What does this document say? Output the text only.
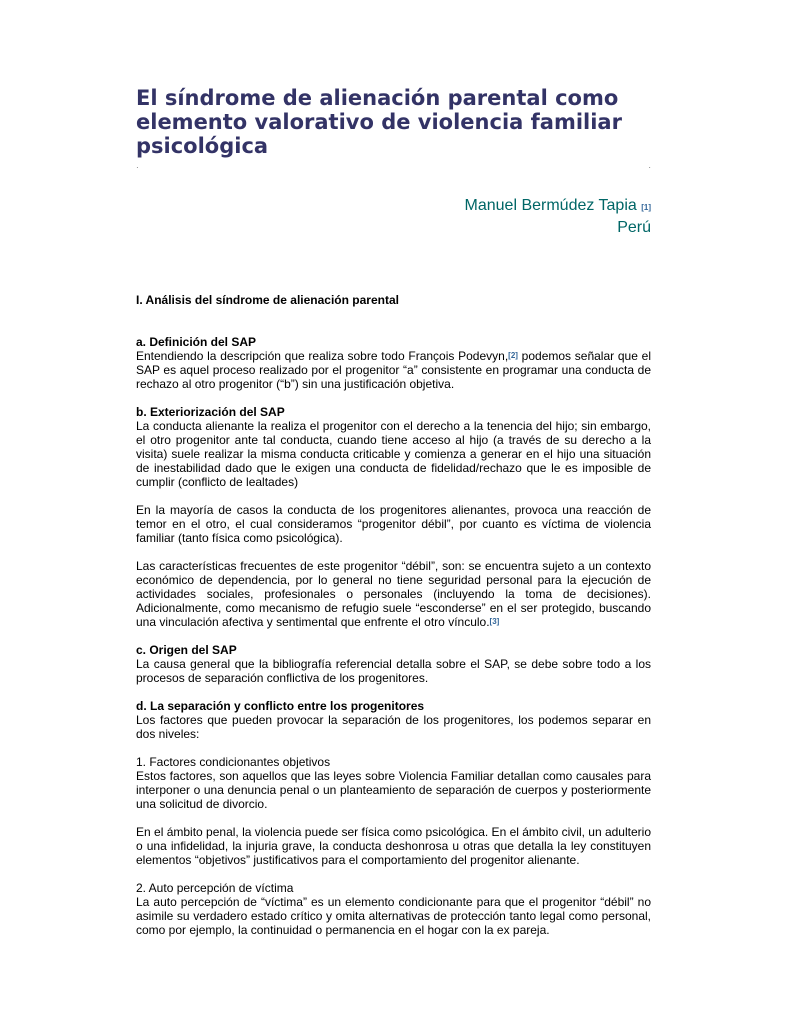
El síndrome de alienación parental como elemento valorativo de violencia familiar psicológica
·	·
Manuel Bermúdez Tapia [1]
Perú
I. Análisis del síndrome de alienación parental
a. Definición del SAP

Entendiendo la descripción que realiza sobre todo François Podevyn,[2] podemos señalar que el SAP es aquel proceso realizado por el progenitor “a” consistente en programar una conducta de rechazo al otro progenitor (“b”) sin una justificación objetiva.

b. Exteriorización del SAP

La conducta alienante la realiza el progenitor con el derecho a la tenencia del hijo; sin embargo, el otro progenitor ante tal conducta, cuando tiene acceso al hijo (a través de su derecho a la visita) suele realizar la misma conducta criticable y comienza a generar en el hijo una situación de inestabilidad dado que le exigen una conducta de fidelidad/rechazo que le es imposible de cumplir (conflicto de lealtades)

En la mayoría de casos la conducta de los progenitores alienantes, provoca una reacción de temor en el otro, el cual consideramos “progenitor débil”, por cuanto es víctima de violencia familiar (tanto física como psicológica).

Las características frecuentes de este progenitor “débil”, son: se encuentra sujeto a un contexto económico de dependencia, por lo general no tiene seguridad personal para la ejecución de actividades sociales, profesionales o personales (incluyendo la toma de decisiones). Adicionalmente, como mecanismo de refugio suele “esconderse” en el ser protegido, buscando una vinculación afectiva y sentimental que enfrente el otro vínculo.[3]

c. Origen del SAP

La causa general que la bibliografía referencial detalla sobre el SAP, se debe sobre todo a los procesos de separación conflictiva de los progenitores.

d. La separación y conflicto entre los progenitores

Los factores que pueden provocar la separación de los progenitores, los podemos separar en dos niveles:

1. Factores condicionantes objetivos

Estos factores, son aquellos que las leyes sobre Violencia Familiar detallan como causales para interponer o una denuncia penal o un planteamiento de separación de cuerpos y posteriormente una solicitud de divorcio.

En el ámbito penal, la violencia puede ser física como psicológica. En el ámbito civil, un adulterio o una infidelidad, la injuria grave, la conducta deshonrosa u otras que detalla la ley constituyen elementos “objetivos” justificativos para el comportamiento del progenitor alienante.

2. Auto percepción de víctima

La auto percepción de “víctima” es un elemento condicionante para que el progenitor “débil” no asimile su verdadero estado crítico y omita alternativas de protección tanto legal como personal, como por ejemplo, la continuidad o permanencia en el hogar con la ex pareja.
